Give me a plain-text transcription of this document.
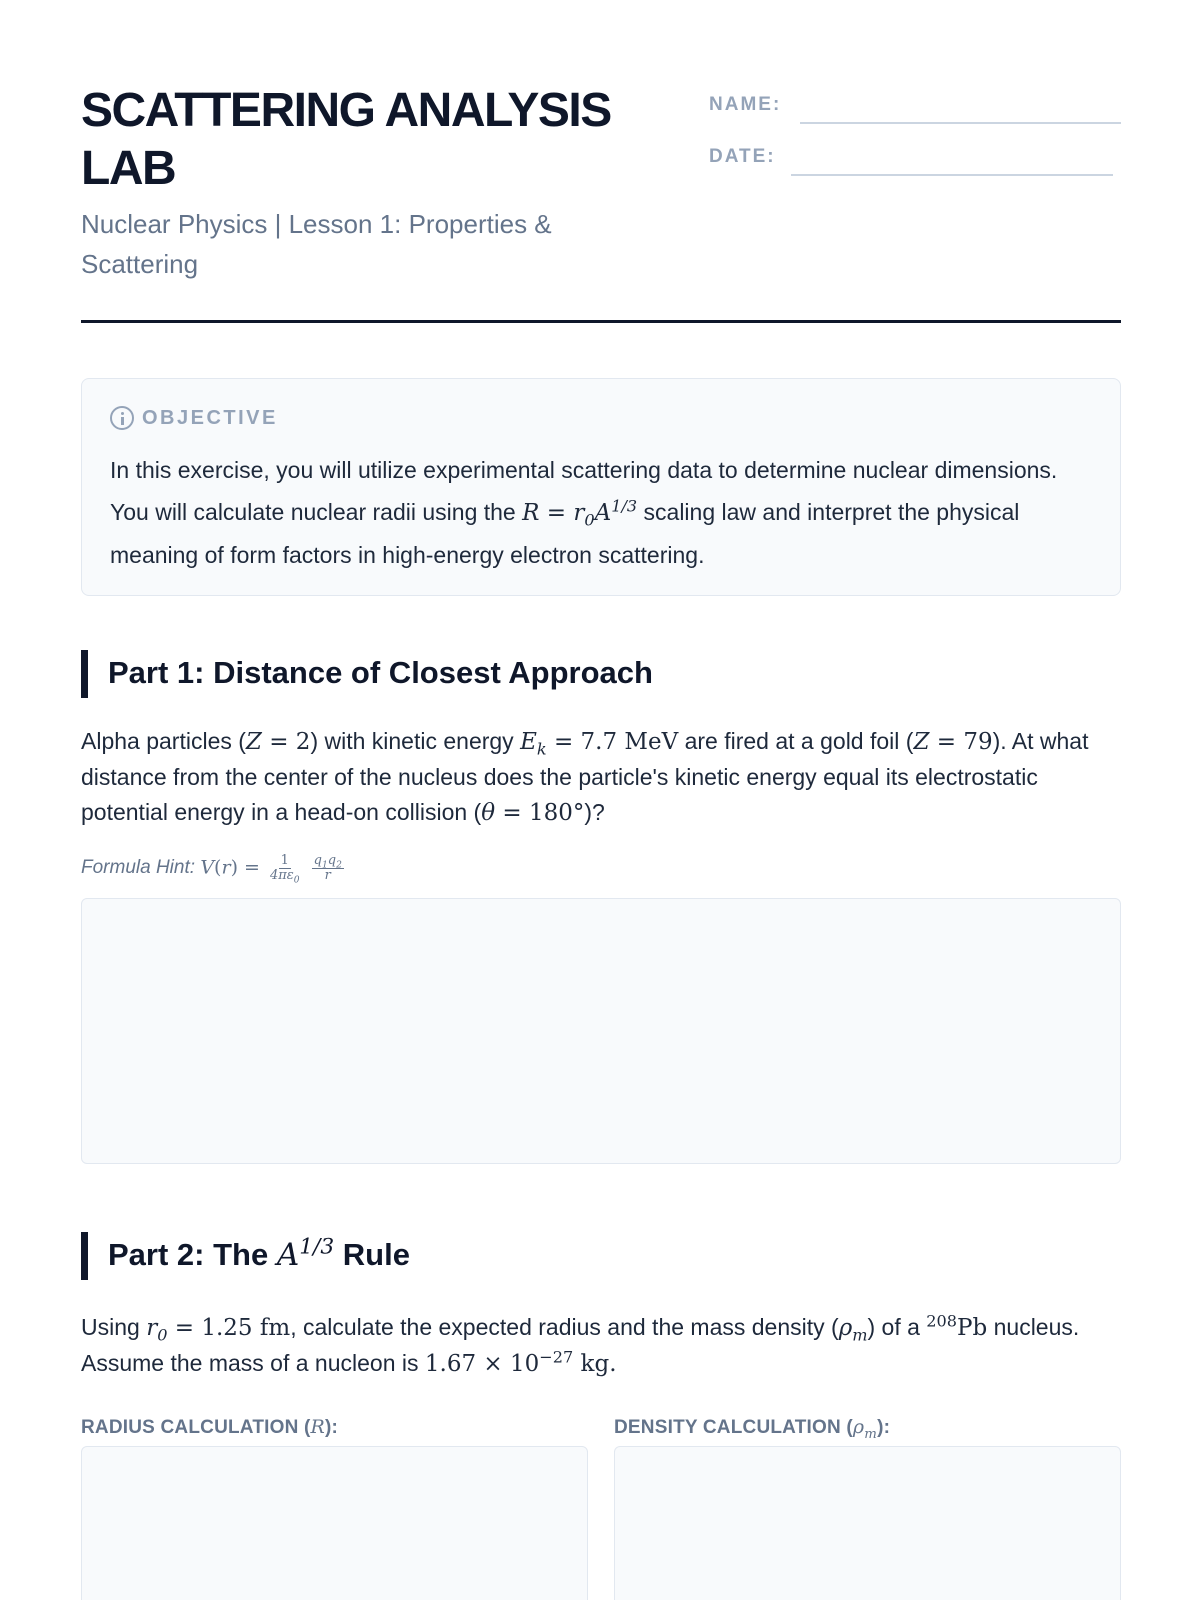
SCATTERING ANALYSIS LAB
Nuclear Physics | Lesson 1: Properties & Scattering
NAME:
DATE:
OBJECTIVE

In this exercise, you will utilize experimental scattering data to determine nuclear dimensions. You will calculate nuclear radii using the $R = r_0A^{1/3}$ scaling law and interpret the physical meaning of form factors in high-energy electron scattering.

Part 1: Distance of Closest Approach

Alpha particles (Z = 2) with kinetic energy $E_k = 7.7$ MeV are fired at a gold foil (Z = 79). At what distance from the center of the nucleus does the particle's kinetic energy equal its electrostatic potential energy in a head-on collision (θ = 180°)?

Formula Hint:
$V(r) = \frac{1}{4\pi\varepsilon_0}$
$\frac{q_1q_2}{r}$
Part 2: The $A^{1/3}$ Rule

Using $r_0 = 1.25$ fm, calculate the expected radius and the mass density $(\rho_m)$ of a $^{208}$Pb nucleus. Assume the mass of a nucleon is $1.67 \times 10^{-27}$ kg.

RADIUS CALCULATION (R):	DENSITY CALCULATION $(\rho_m)$:
